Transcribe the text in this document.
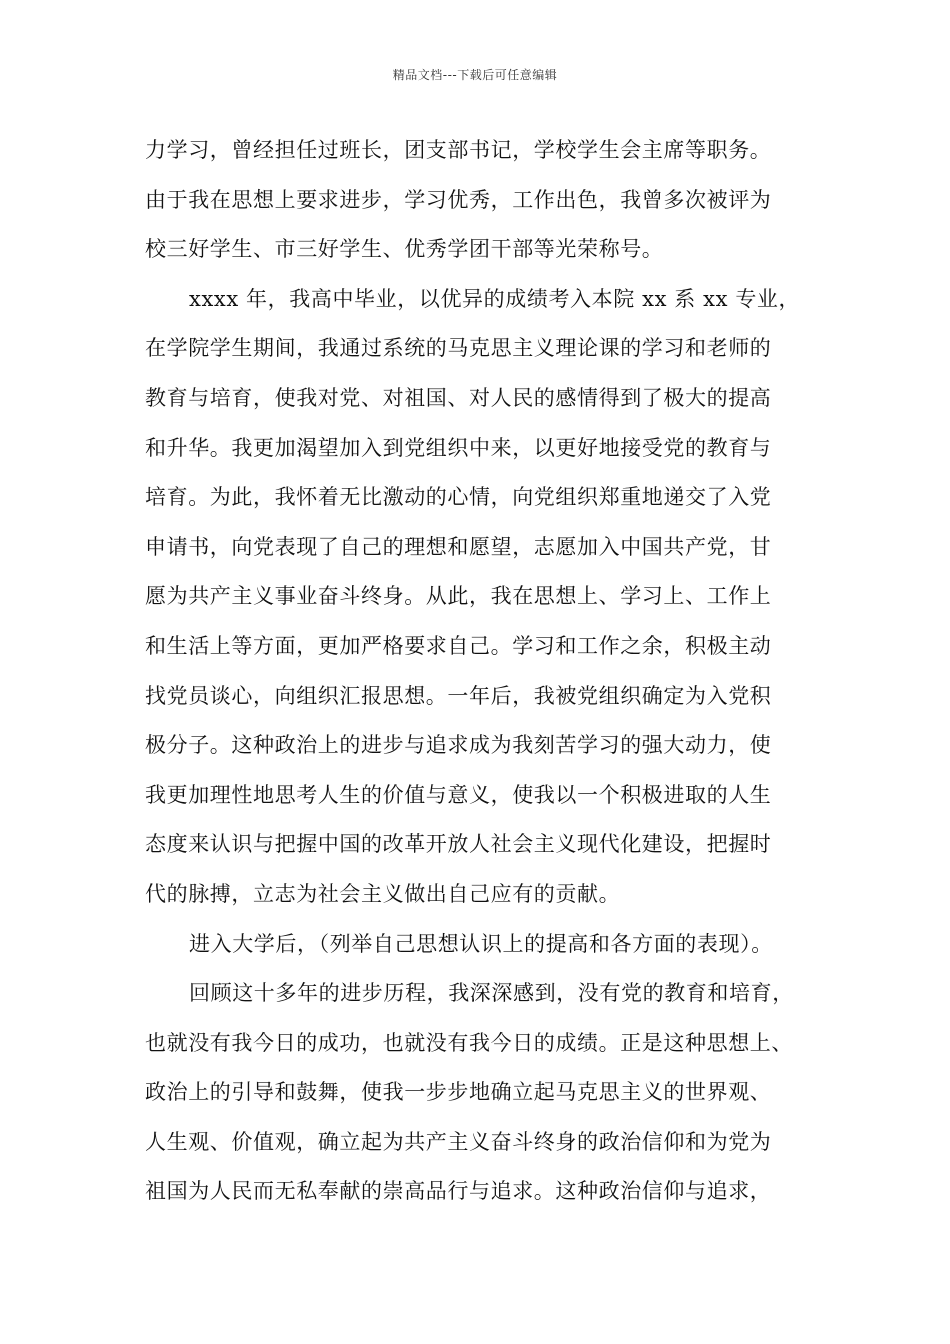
精品文档---下载后可任意编辑
力学习，曾经担任过班长，团支部书记，学校学生会主席等职务。
由于我在思想上要求进步，学习优秀，工作出色，我曾多次被评为
校三好学生、市三好学生、优秀学团干部等光荣称号。
xxxx 年，我高中毕业，以优异的成绩考入本院 xx 系 xx 专业，
在学院学生期间，我通过系统的马克思主义理论课的学习和老师的
教育与培育，使我对党、对祖国、对人民的感情得到了极大的提高
和升华。我更加渴望加入到党组织中来，以更好地接受党的教育与
培育。为此，我怀着无比激动的心情，向党组织郑重地递交了入党
申请书，向党表现了自己的理想和愿望，志愿加入中国共产党，甘
愿为共产主义事业奋斗终身。从此，我在思想上、学习上、工作上
和生活上等方面，更加严格要求自己。学习和工作之余，积极主动
找党员谈心，向组织汇报思想。一年后，我被党组织确定为入党积
极分子。这种政治上的进步与追求成为我刻苦学习的强大动力，使
我更加理性地思考人生的价值与意义，使我以一个积极进取的人生
态度来认识与把握中国的改革开放人社会主义现代化建设，把握时
代的脉搏，立志为社会主义做出自己应有的贡献。
进入大学后，（列举自己思想认识上的提高和各方面的表现）。
回顾这十多年的进步历程，我深深感到，没有党的教育和培育，
也就没有我今日的成功，也就没有我今日的成绩。正是这种思想上、
政治上的引导和鼓舞，使我一步步地确立起马克思主义的世界观、
人生观、价值观，确立起为共产主义奋斗终身的政治信仰和为党为
祖国为人民而无私奉献的崇高品行与追求。这种政治信仰与追求，
